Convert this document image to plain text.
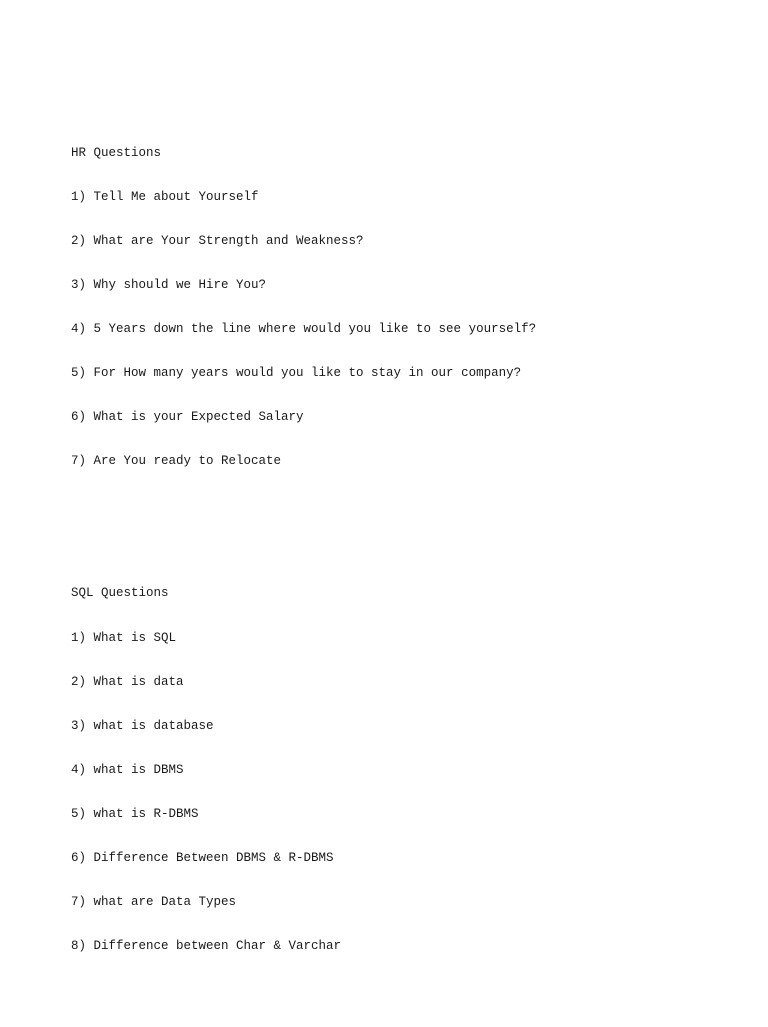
HR Questions

1) Tell Me about Yourself

2) What are Your Strength and Weakness?

3) Why should we Hire You?

4) 5 Years down the line where would you like to see yourself?

5) For How many years would you like to stay in our company?

6) What is your Expected Salary

7) Are You ready to Relocate

SQL Questions

1) What is SQL

2) What is data

3) what is database

4) what is DBMS

5) what is R-DBMS

6) Difference Between DBMS & R-DBMS

7) what are Data Types

8) Difference between Char & Varchar
